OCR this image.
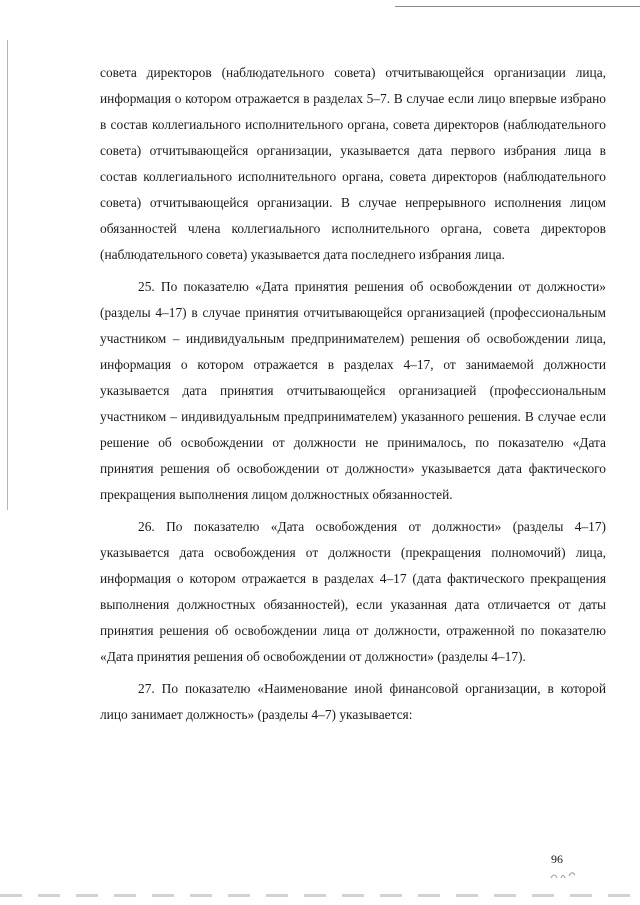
совета директоров (наблюдательного совета) отчитывающейся организации лица, информация о котором отражается в разделах 5–7. В случае если лицо впервые избрано в состав коллегиального исполнительного органа, совета директоров (наблюдательного совета) отчитывающейся организации, указывается дата первого избрания лица в состав коллегиального исполнительного органа, совета директоров (наблюдательного совета) отчитывающейся организации. В случае непрерывного исполнения лицом обязанностей члена коллегиального исполнительного органа, совета директоров (наблюдательного совета) указывается дата последнего избрания лица.

25. По показателю «Дата принятия решения об освобождении от должности» (разделы 4–17) в случае принятия отчитывающейся организацией (профессиональным участником – индивидуальным предпринимателем) решения об освобождении лица, информация о котором отражается в разделах 4–17, от занимаемой должности указывается дата принятия отчитывающейся организацией (профессиональным участником – индивидуальным предпринимателем) указанного решения. В случае если решение об освобождении от должности не принималось, по показателю «Дата принятия решения об освобождении от должности» указывается дата фактического прекращения выполнения лицом должностных обязанностей.

26. По показателю «Дата освобождения от должности» (разделы 4–17) указывается дата освобождения от должности (прекращения полномочий) лица, информация о котором отражается в разделах 4–17 (дата фактического прекращения выполнения должностных обязанностей), если указанная дата отличается от даты принятия решения об освобождении лица от должности, отраженной по показателю «Дата принятия решения об освобождении от должности» (разделы 4–17).

27. По показателю «Наименование иной финансовой организации, в которой лицо занимает должность» (разделы 4–7) указывается:

96
